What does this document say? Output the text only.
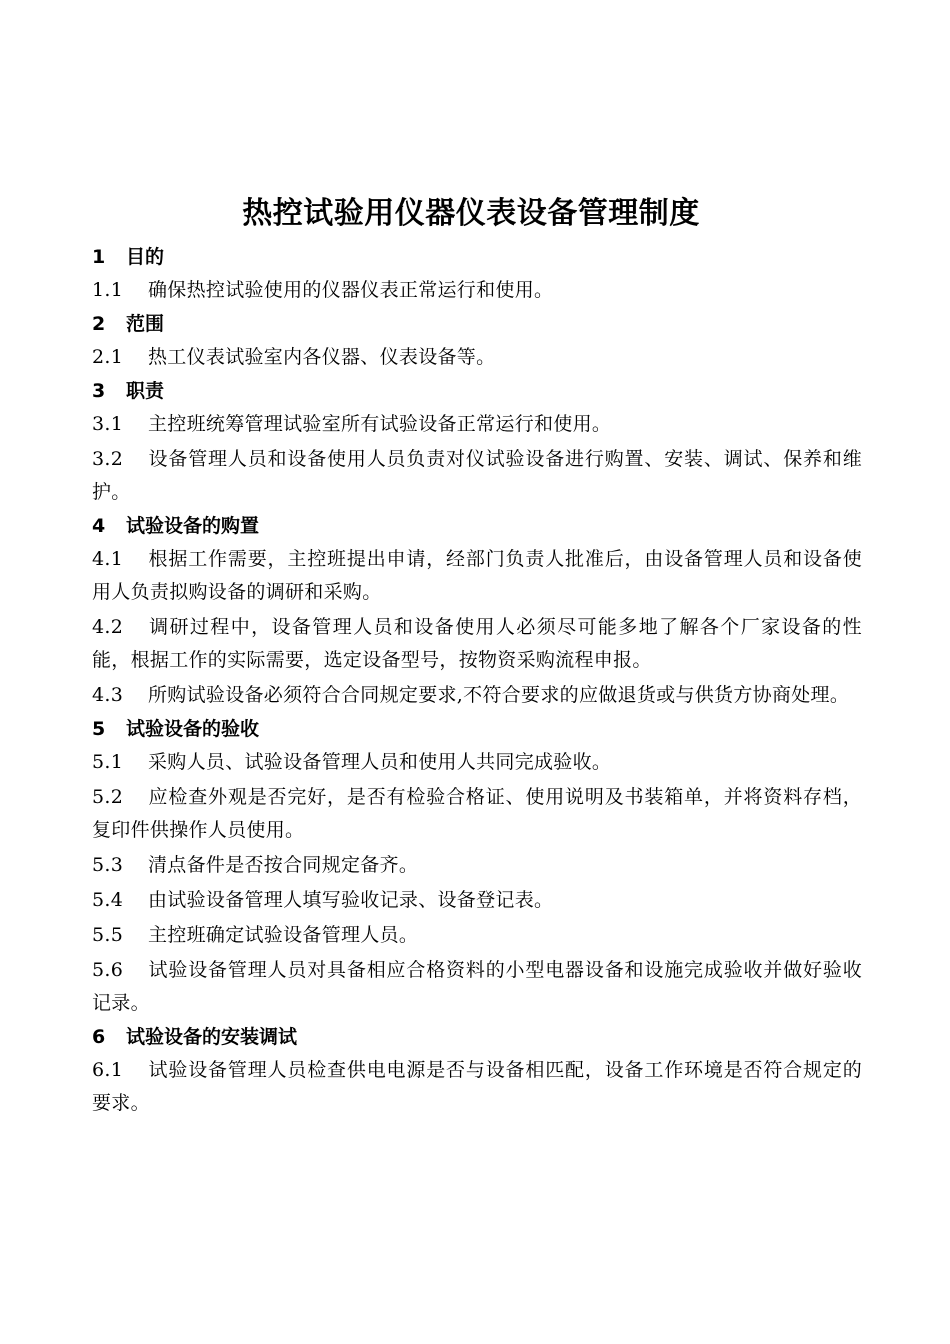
热控试验用仪器仪表设备管理制度
1 目的
1.1 确保热控试验使用的仪器仪表正常运行和使用。
2 范围
2.1 热工仪表试验室内各仪器、仪表设备等。
3 职责
3.1 主控班统筹管理试验室所有试验设备正常运行和使用。
3.2 设备管理人员和设备使用人员负责对仪试验设备进行购置、安装、调试、保养和维护。
4 试验设备的购置
4.1 根据工作需要，主控班提出申请，经部门负责人批准后，由设备管理人员和设备使用人负责拟购设备的调研和采购。
4.2 调研过程中，设备管理人员和设备使用人必须尽可能多地了解各个厂家设备的性能，根据工作的实际需要，选定设备型号，按物资采购流程申报。
4.3 所购试验设备必须符合合同规定要求,不符合要求的应做退货或与供货方协商处理。
5 试验设备的验收
5.1 采购人员、试验设备管理人员和使用人共同完成验收。
5.2 应检查外观是否完好，是否有检验合格证、使用说明及书装箱单，并将资料存档，复印件供操作人员使用。
5.3 清点备件是否按合同规定备齐。
5.4 由试验设备管理人填写验收记录、设备登记表。
5.5 主控班确定试验设备管理人员。
5.6 试验设备管理人员对具备相应合格资料的小型电器设备和设施完成验收并做好验收记录。
6 试验设备的安装调试
6.1 试验设备管理人员检查供电电源是否与设备相匹配，设备工作环境是否符合规定的要求。
